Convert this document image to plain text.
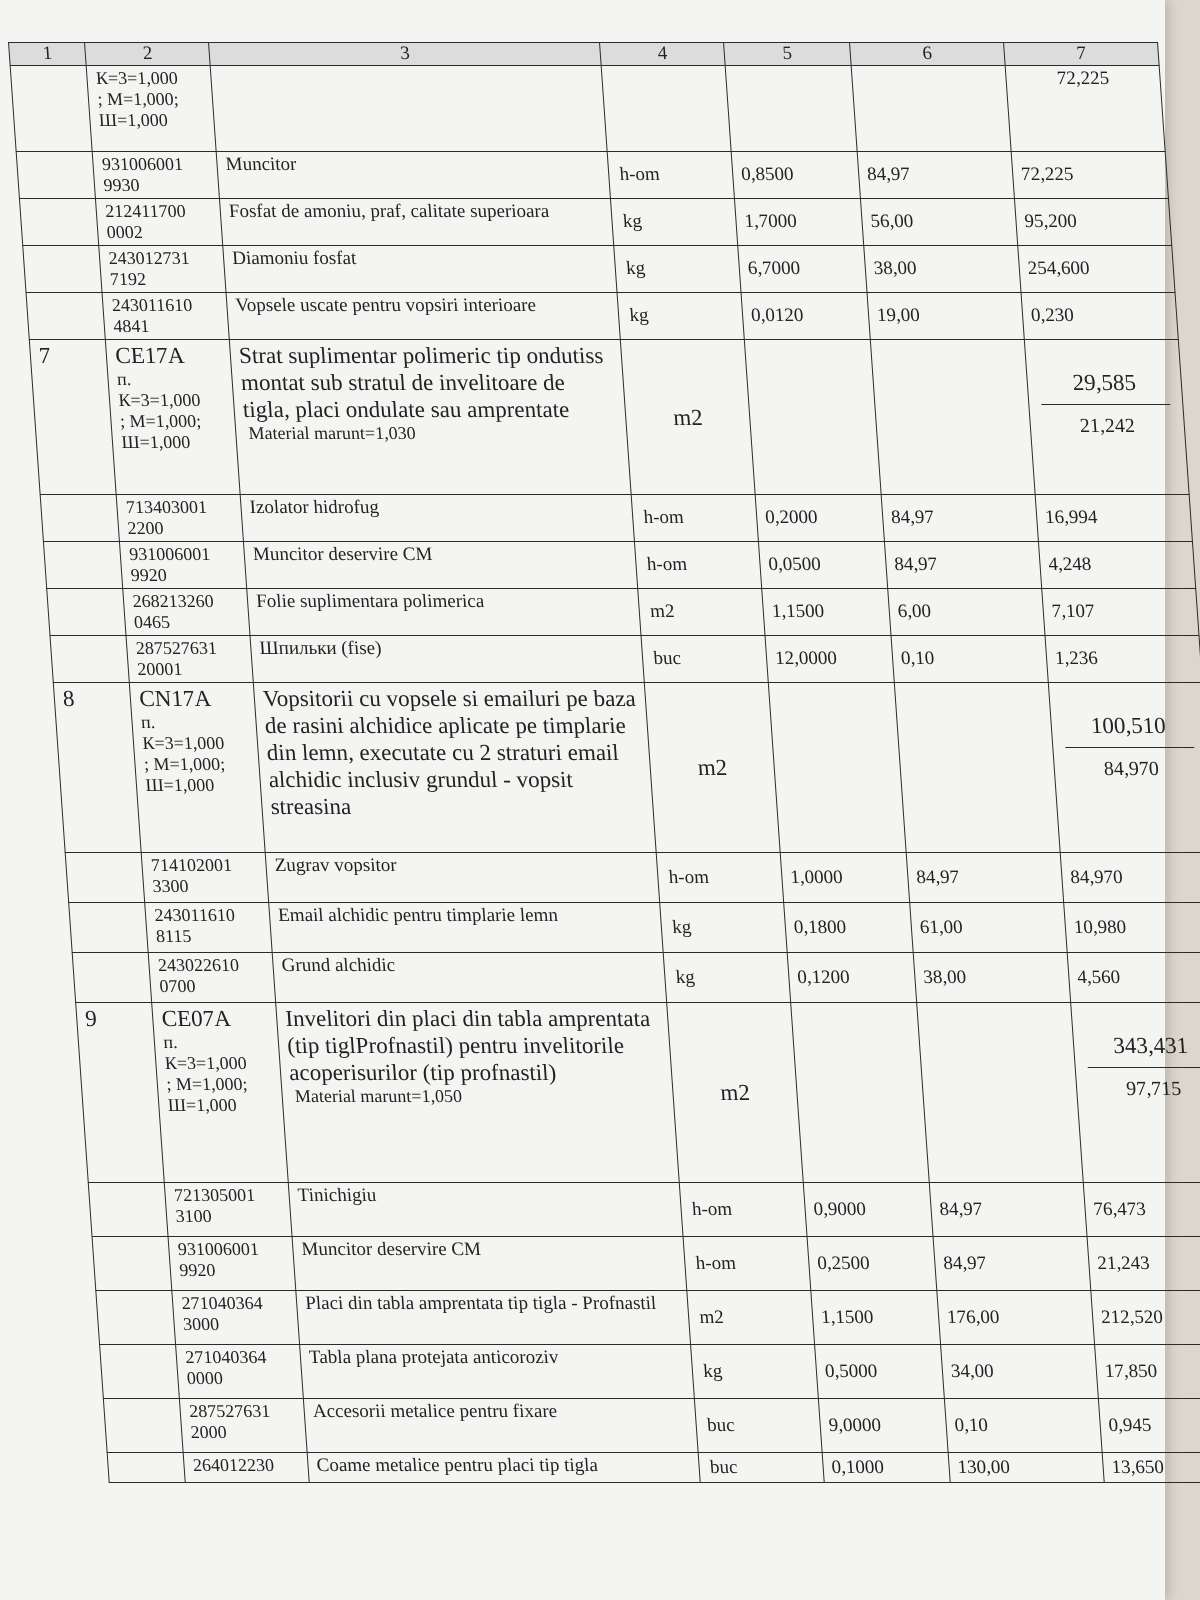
1	2	3	4	5	6	7

	К=3=1,000
; М=1,000;
Ш=1,000					72,225

	931006001
9930	Muncitor	h-om	0,8500	84,97	72,225

	212411700
0002	Fosfat de amoniu, praf, calitate superioara	kg	1,7000	56,00	95,200

	243012731
7192	Diamoniu fosfat	kg	6,7000	38,00	254,600

	243011610
4841	Vopsele uscate pentru vopsiri interioare	kg	0,0120	19,00	0,230
7	CE17A
п.
К=3=1,000
; М=1,000;
Ш=1,000	Strat suplimentar polimeric tip ondutiss montat sub stratul de invelitoare de tigla, placi ondulate sau amprentate
Material marunt=1,030	m2			29,585
21,242

	713403001
2200	Izolator hidrofug	h-om	0,2000	84,97	16,994

	931006001
9920	Muncitor deservire CM	h-om	0,0500	84,97	4,248

	268213260
0465	Folie suplimentara polimerica	m2	1,1500	6,00	7,107

	287527631
20001	Шпильки (fise)	buc	12,0000	0,10	1,236
8	CN17A
п.
К=3=1,000
; М=1,000;
Ш=1,000	Vopsitorii cu vopsele si emailuri pe baza de rasini alchidice aplicate pe timplarie din lemn, executate cu 2 straturi email alchidic inclusiv grundul - vopsit streasina	m2			100,510
84,970

	714102001
3300	Zugrav vopsitor	h-om	1,0000	84,97	84,970

	243011610
8115	Email alchidic pentru timplarie lemn	kg	0,1800	61,00	10,980

	243022610
0700	Grund alchidic	kg	0,1200	38,00	4,560
9	CE07A
п.
К=3=1,000
; М=1,000;
Ш=1,000	Invelitori din placi din tabla amprentata (tip tiglProfnastil) pentru invelitorile acoperisurilor (tip profnastil)
Material marunt=1,050	m2			343,431
97,715

	721305001
3100	Tinichigiu	h-om	0,9000	84,97	76,473

	931006001
9920	Muncitor deservire CM	h-om	0,2500	84,97	21,243

	271040364
3000	Placi din tabla amprentata tip tigla - Profnastil	m2	1,1500	176,00	212,520

	271040364
0000	Tabla plana protejata anticoroziv	kg	0,5000	34,00	17,850

	287527631
2000	Accesorii metalice pentru fixare	buc	9,0000	0,10	0,945

	264012230	Coame metalice pentru placi tip tigla	buc	0,1000	130,00	13,650
